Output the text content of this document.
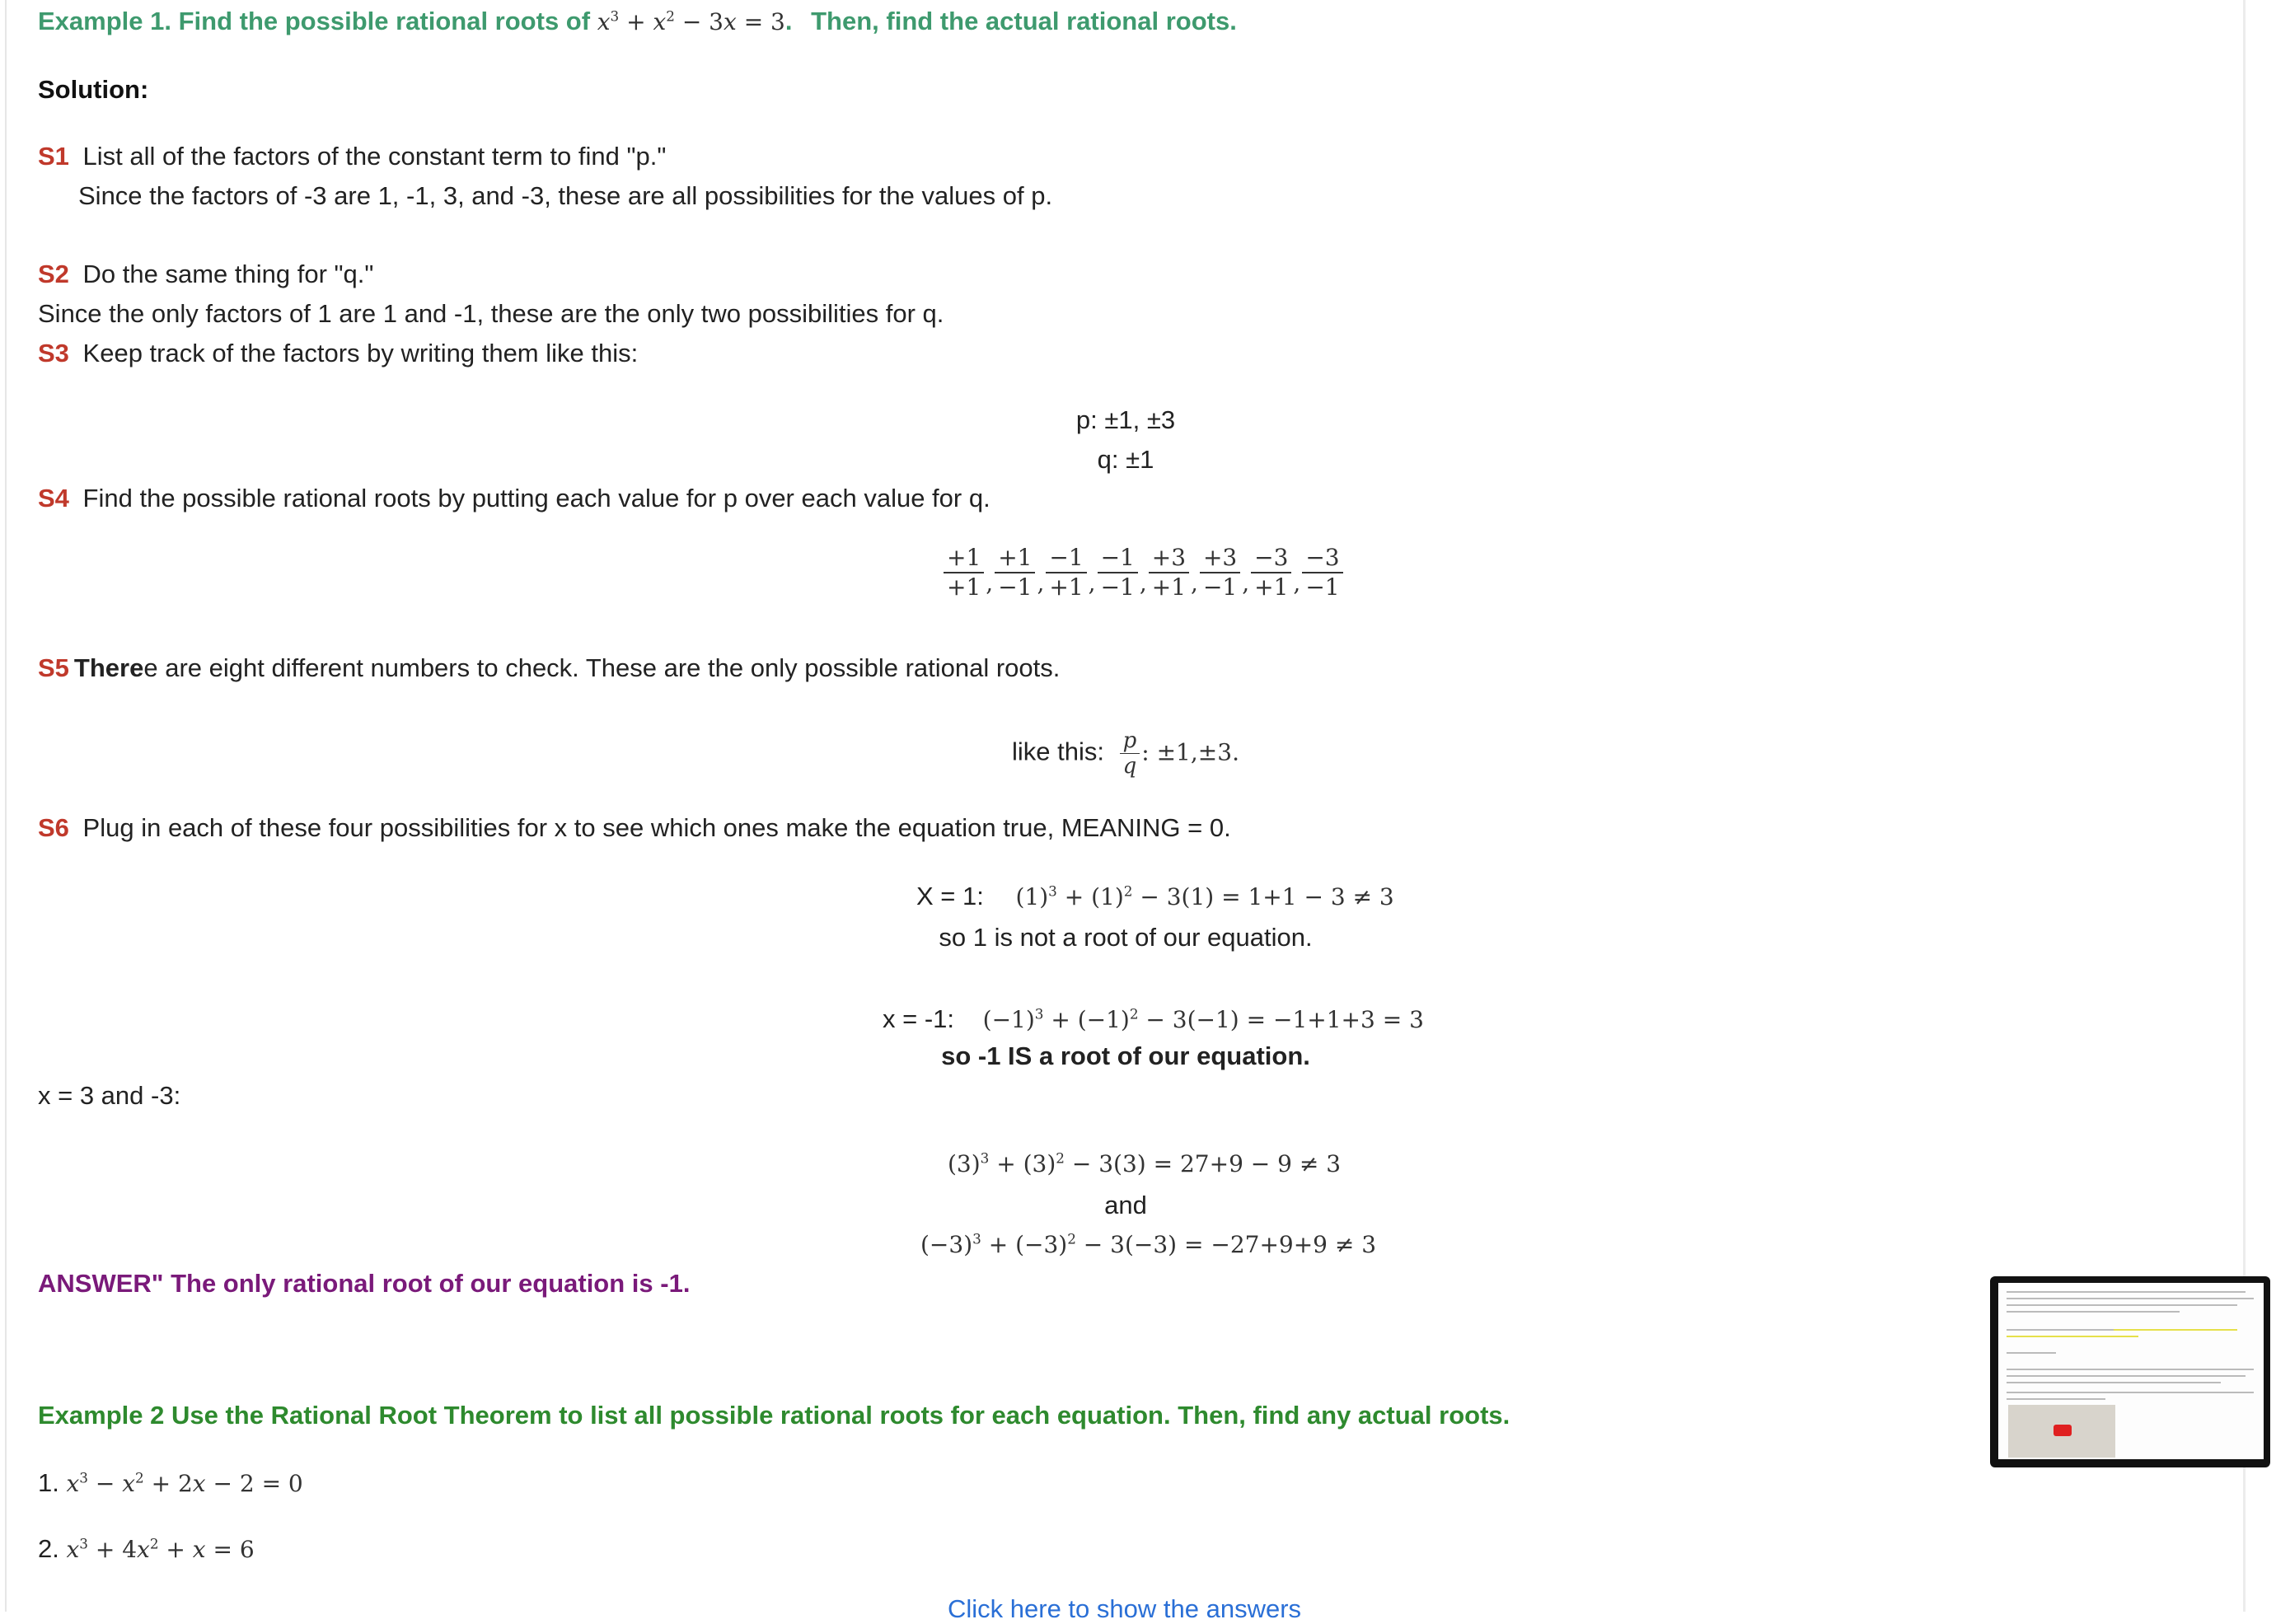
Example 1. Find the possible rational roots of $x^3 + x^2 - 3x = 3$. Then, find the actual rational roots.
Solution:
S1 List all of the factors of the constant term to find "p."
Since the factors of -3 are 1, -1, 3, and -3, these are all possibilities for the values of p.
S2 Do the same thing for "q."
Since the only factors of 1 are 1 and -1, these are the only two possibilities for q.
S3 Keep track of the factors by writing them like this:
p: ±1, ±3
q: ±1
S4 Find the possible rational roots by putting each value for p over each value for q.
$\frac{+1}{+1}$ , $\frac{+1}{-1}$ , $\frac{-1}{+1}$ , $\frac{-1}{-1}$ , $\frac{+3}{+1}$ , $\frac{+3}{-1}$ , $\frac{-3}{+1}$ , $\frac{-3}{-1}$
S5 Theree are eight different numbers to check. These are the only possible rational roots.
like this: $\frac{p}{q}$ : ±1,±3.
S6 Plug in each of these four possibilities for x to see which ones make the equation true, MEANING = 0.
X = 1: $(1)^3 + (1)^2 - 3(1) = 1+1 - 3 \ne 3$
so 1 is not a root of our equation.
x = -1: $(-1)^3 + (-1)^2 - 3(-1) = -1+1+3 = 3$
so -1 IS a root of our equation.
x = 3 and -3:
$(3)^3 + (3)^2 - 3(3) = 27+9 - 9 \ne 3$
and
$(-3)^3 + (-3)^2 - 3(-3) = -27+9+9 \ne 3$
ANSWER" The only rational root of our equation is -1.
Example 2 Use the Rational Root Theorem to list all possible rational roots for each equation. Then, find any actual roots.
1. $x^3 - x^2 + 2x - 2 = 0$
2. $x^3 + 4x^2 + x = 6$
Click here to show the answers
